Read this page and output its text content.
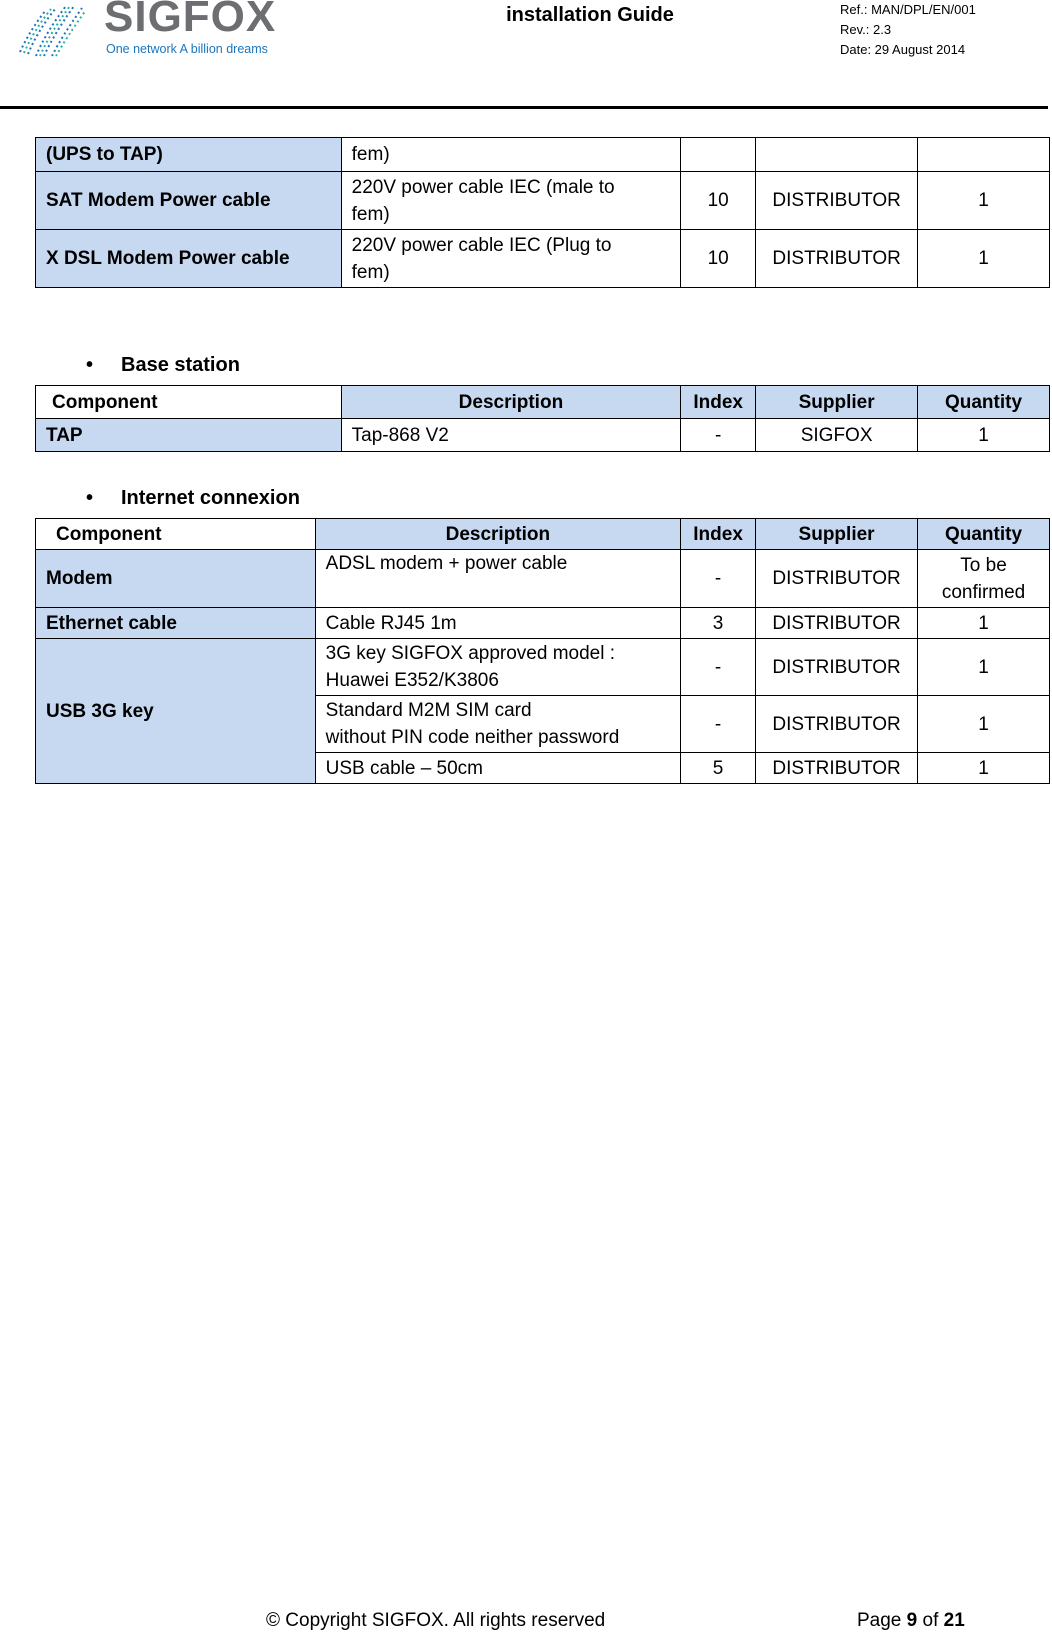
SIGFOX
One network A billion dreams
installation Guide	Ref.: MAN/DPL/EN/001
Rev.: 2.3
Date: 29 August 2014
(UPS to TAP)	fem)			
SAT Modem Power cable	220V power cable IEC (male to
fem)	10	DISTRIBUTOR	1
X DSL Modem Power cable	220V power cable IEC (Plug to
fem)	10	DISTRIBUTOR	1
• Base station
Component	Description	Index	Supplier	Quantity
TAP	Tap-868 V2	-	SIGFOX	1
• Internet connexion
Component	Description	Index	Supplier	Quantity
Modem	ADSL modem + power cable	-	DISTRIBUTOR	To be
confirmed

Ethernet cable	Cable RJ45 1m	3	DISTRIBUTOR	1
USB 3G key	3G key SIGFOX approved model :
Huawei E352/K3806	-	DISTRIBUTOR	1

	Standard M2M SIM card
without PIN code neither password	-	DISTRIBUTOR	1
	USB cable – 50cm	5	DISTRIBUTOR	1
© Copyright SIGFOX. All rights reserved	Page 9 of 21
